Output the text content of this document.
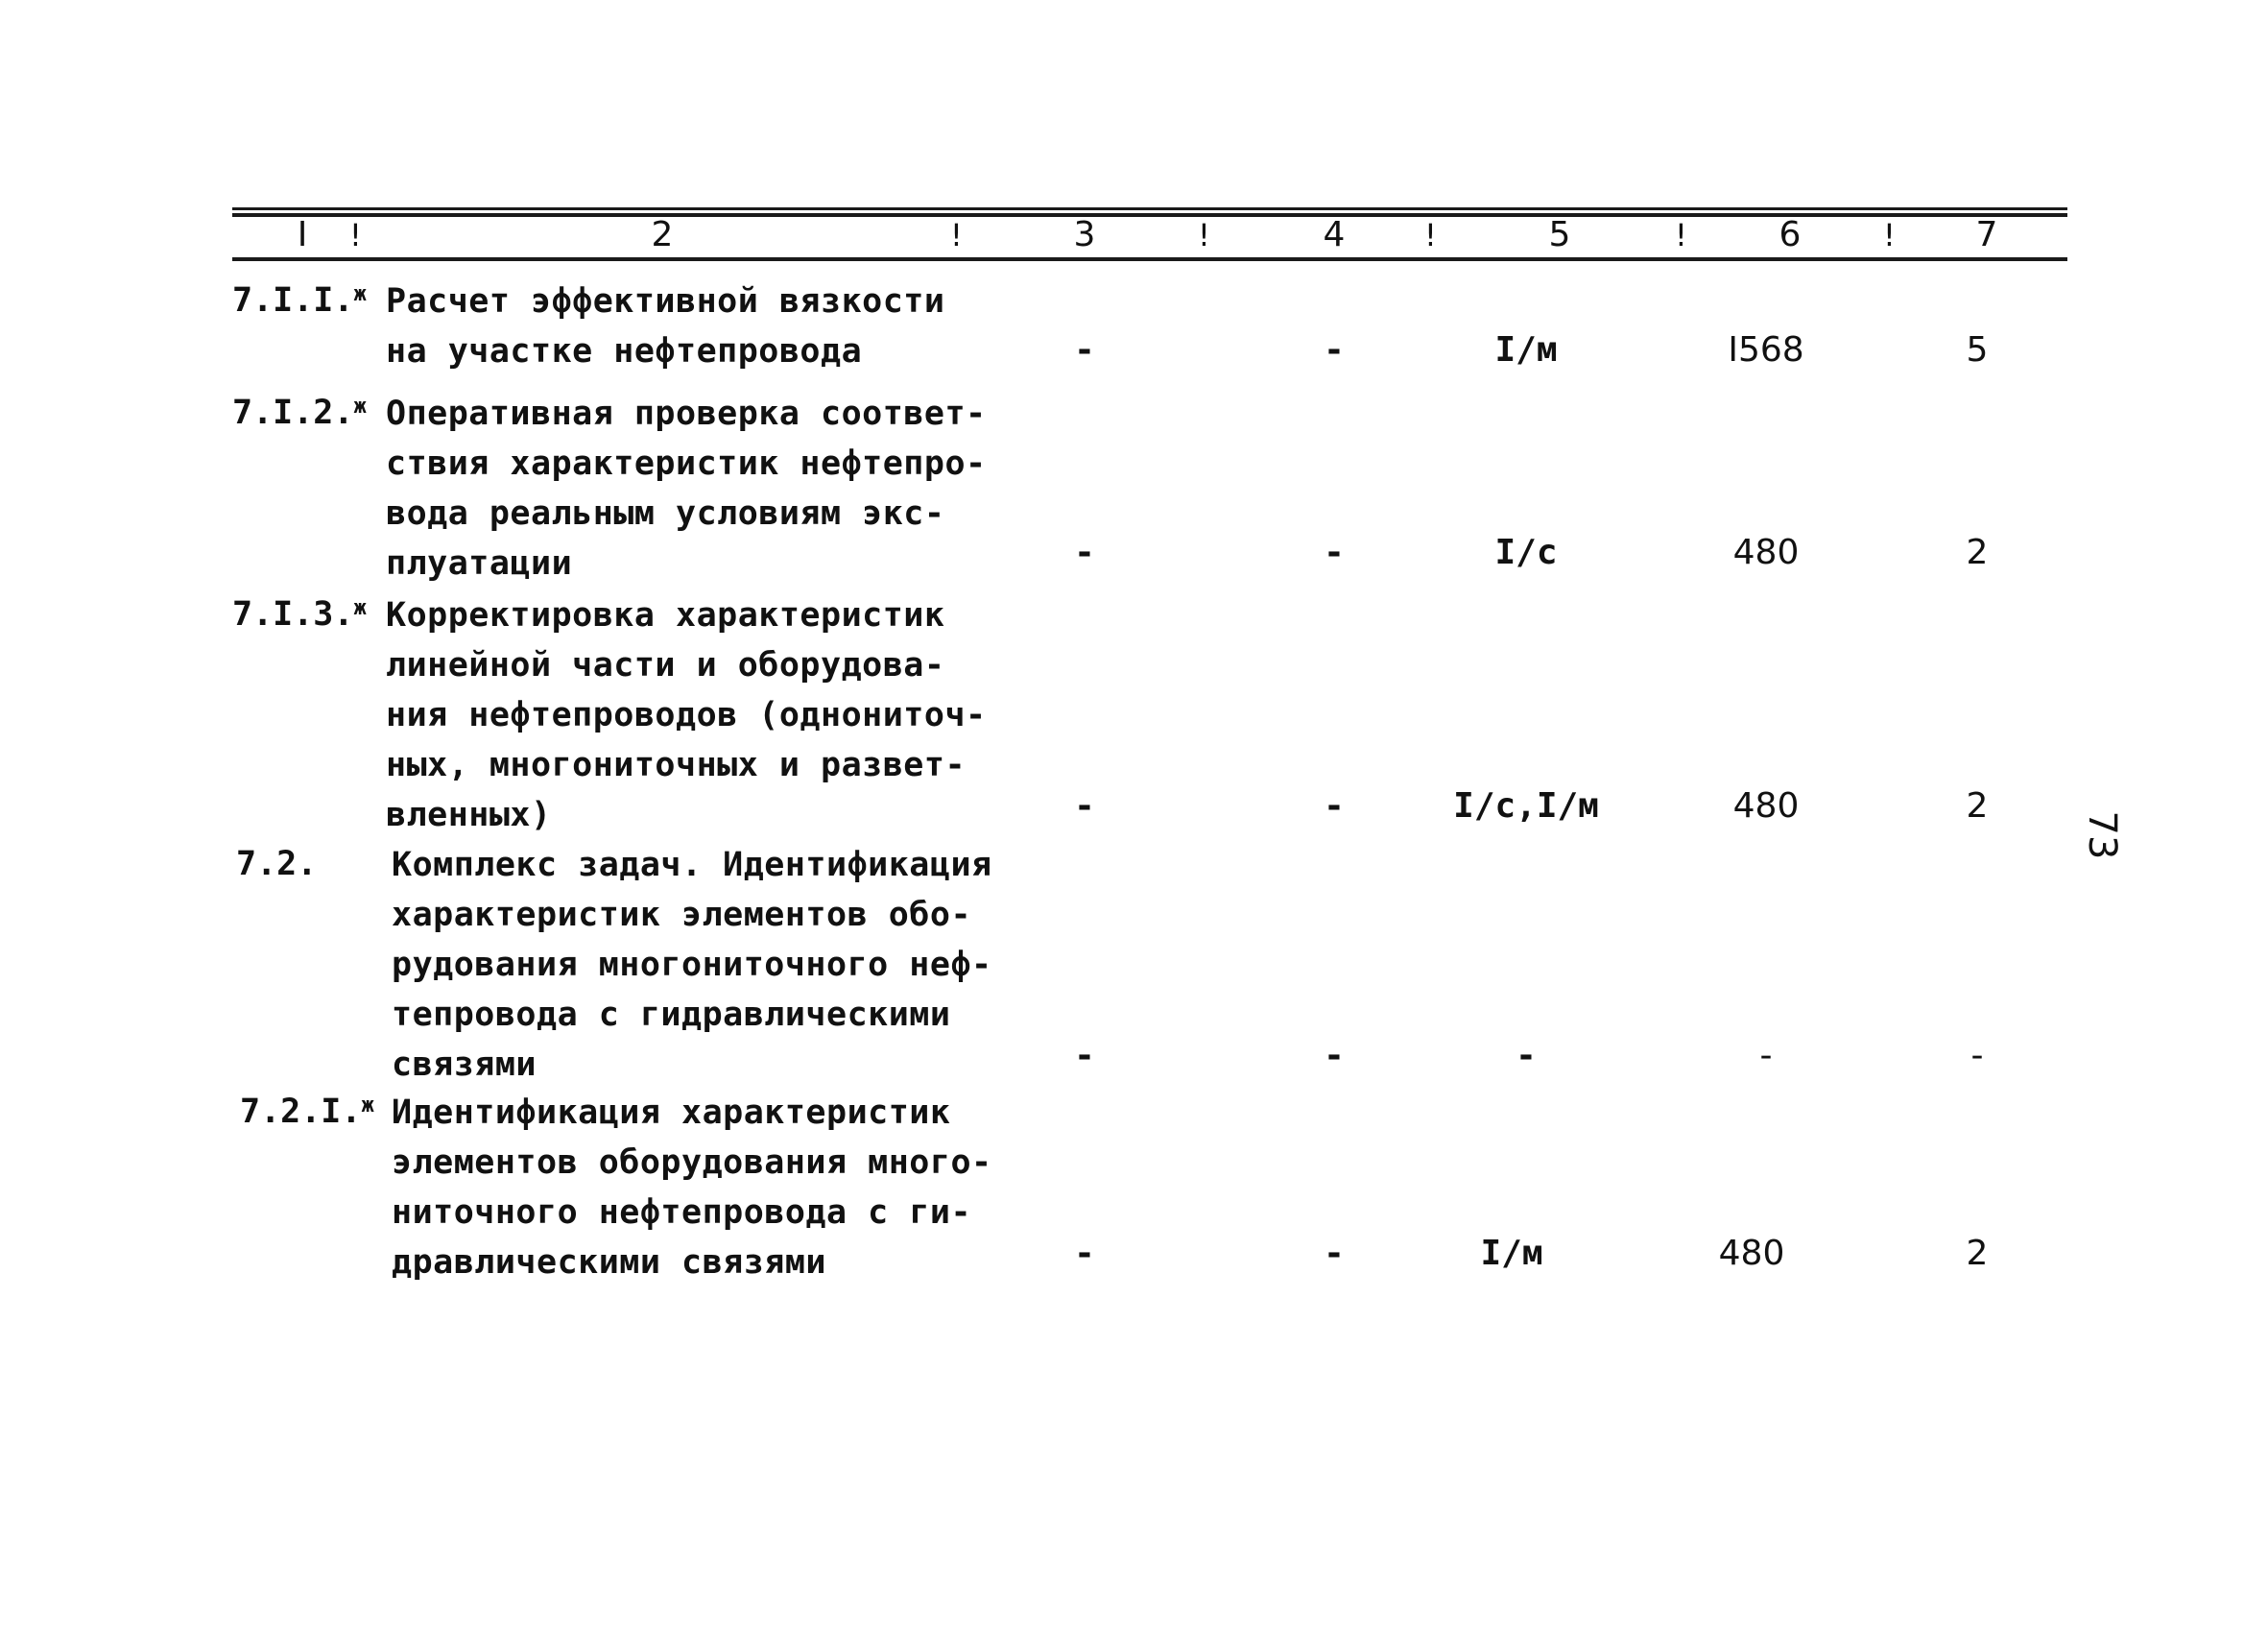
I	!	2	!	3	!	4	!	5	!	6	!	7
7.I.I.$^ж$ Расчет эффективной вязкости
на участке нефтепровода	-	-	I/м	I568	5
7.I.2.$^ж$ Оперативная проверка соответ-
ствия характеристик нефтепро-
вода реальным условиям экс-
плуатации	-	-	I/с	480	2
7.I.3.$^ж$ Корректировка характеристик
линейной части и оборудова-
ния нефтепроводов (однониточ-
ных, многониточных и развет-
вленных)	-	-	I/с,I/м	480	2
7.2. Комплекс задач. Идентификация
характеристик элементов обо-
рудования многониточного неф-
тепровода с гидравлическими
связями	-	-	-	-	-
7.2.I.$^ж$ Идентификация характеристик
элементов оборудования много-
ниточного нефтепровода с ги-
дравлическими связями	-	-	I/м	480	2
73
